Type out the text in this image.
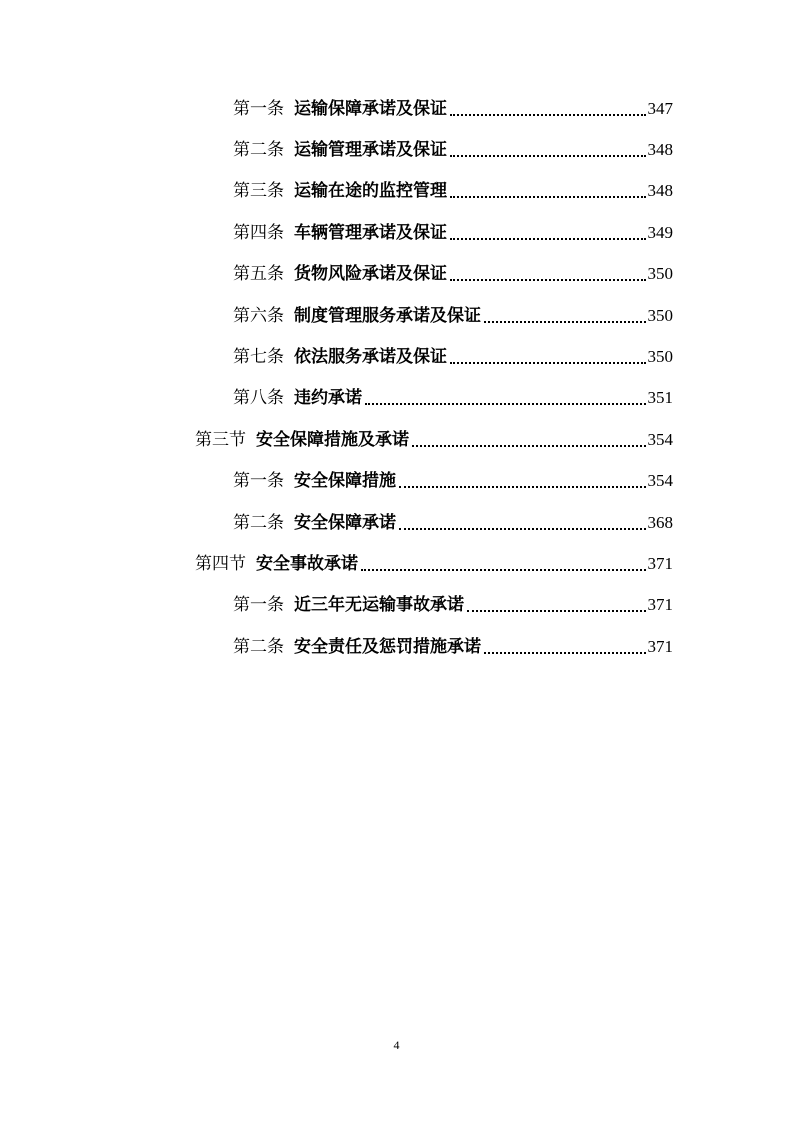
第一条 运输保障承诺及保证	347
第二条 运输管理承诺及保证	348
第三条 运输在途的监控管理	348
第四条 车辆管理承诺及保证	349
第五条 货物风险承诺及保证	350
第六条 制度管理服务承诺及保证	350
第七条 依法服务承诺及保证	350
第八条 违约承诺	351
第三节 安全保障措施及承诺	354
第一条 安全保障措施	354
第二条 安全保障承诺	368
第四节 安全事故承诺	371
第一条 近三年无运输事故承诺	371
第二条 安全责任及惩罚措施承诺	371
4
